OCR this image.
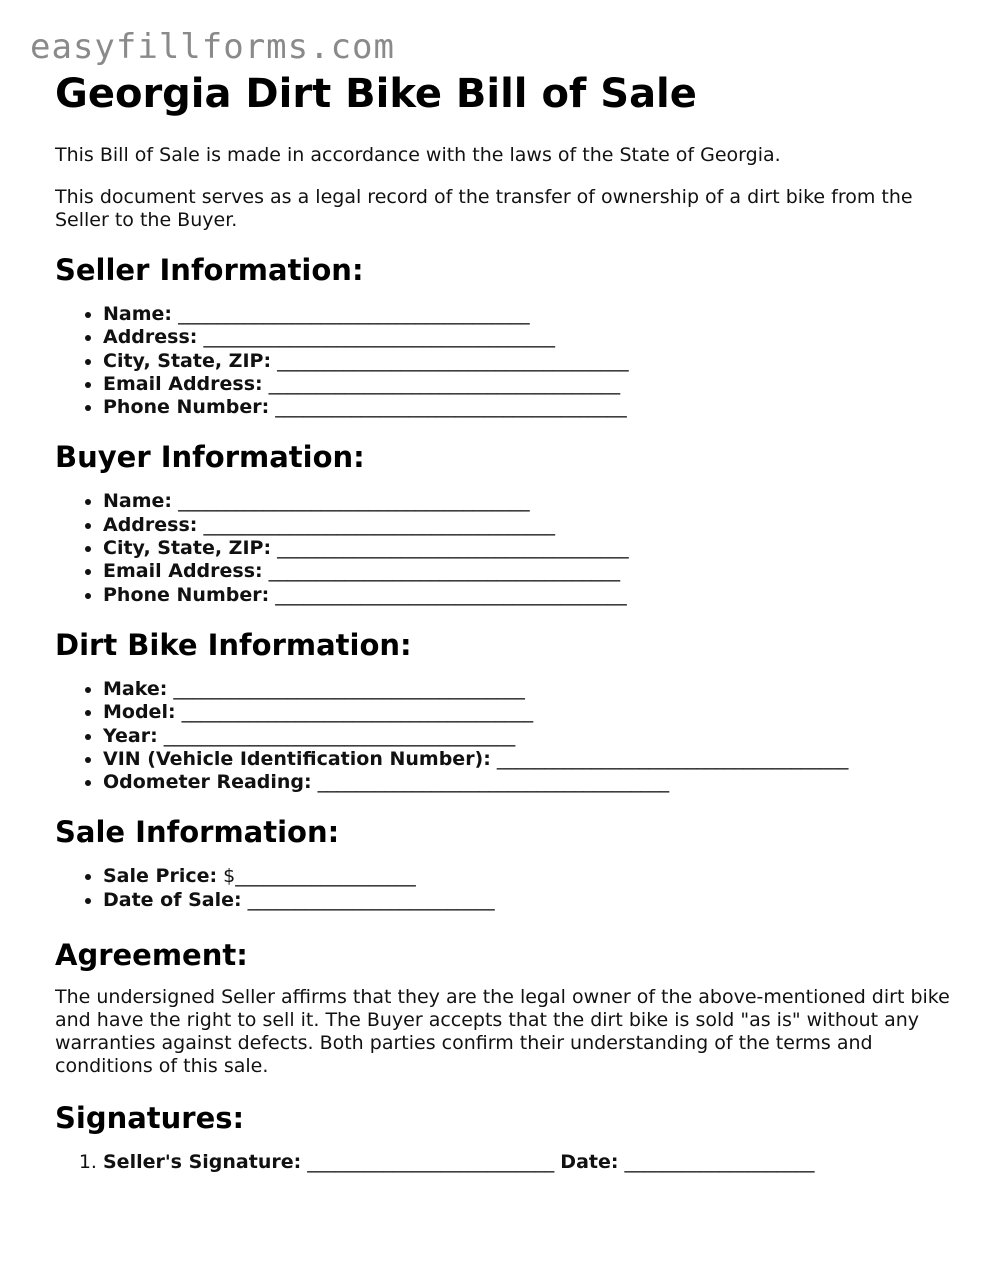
easyfillforms.com
Georgia Dirt Bike Bill of Sale

This Bill of Sale is made in accordance with the laws of the State of Georgia.

This document serves as a legal record of the transfer of ownership of a dirt bike from the Seller to the Buyer.

Seller Information:
• Name: _____________________________________
• Address: _____________________________________
• City, State, ZIP: _____________________________________
• Email Address: _____________________________________
• Phone Number: _____________________________________
Buyer Information:
• Name: _____________________________________
• Address: _____________________________________
• City, State, ZIP: _____________________________________
• Email Address: _____________________________________
• Phone Number: _____________________________________
Dirt Bike Information:
• Make: _____________________________________
• Model: _____________________________________
• Year: _____________________________________
• VIN (Vehicle Identification Number): _____________________________________
• Odometer Reading: _____________________________________
Sale Information:
• Sale Price: $___________________
• Date of Sale: __________________________
Agreement:

The undersigned Seller affirms that they are the legal owner of the above-mentioned dirt bike and have the right to sell it. The Buyer accepts that the dirt bike is sold "as is" without any warranties against defects. Both parties confirm their understanding of the terms and conditions of this sale.

Signatures:
1. Seller's Signature: __________________________ Date: ____________________
